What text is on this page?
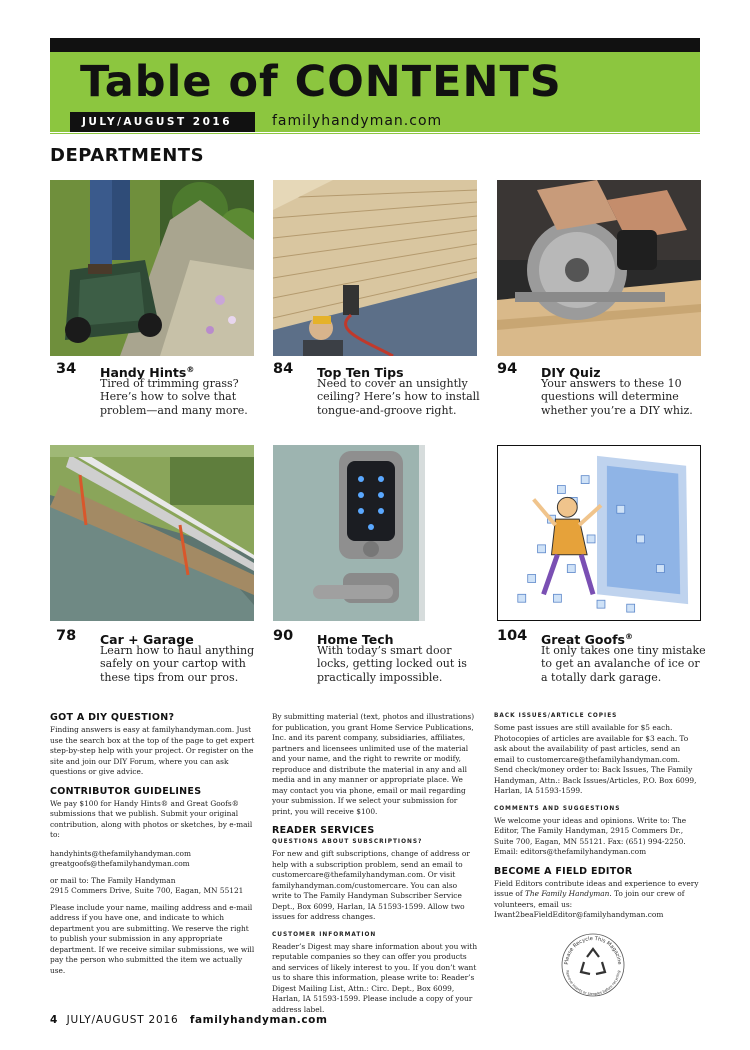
Table of CONTENTS
JULY/AUGUST 2016	familyhandyman.com
DEPARTMENTS
34	Handy Hints®
Tired of trimming grass? Here’s how to solve that problem—and many more.
84	Top Ten Tips
Need to cover an unsightly ceiling? Here’s how to install tongue-and-groove right.
94	DIY Quiz
Your answers to these 10 questions will determine whether you’re a DIY whiz.
78	Car + Garage
Learn how to haul anything safely on your cartop with these tips from our pros.
90	Home Tech
With today’s smart door locks, getting locked out is practically impossible.
104	Great Goofs®
It only takes one tiny mistake to get an avalanche of ice or a totally dark garage.
GOT A DIY QUESTION?

Finding answers is easy at familyhandyman.com. Just use the search box at the top of the page to get expert step-by-step help with your project. Or register on the site and join our DIY Forum, where you can ask questions or give advice.

CONTRIBUTOR GUIDELINES

We pay $100 for Handy Hints® and Great Goofs® submissions that we publish. Submit your original contribution, along with photos or sketches, by e-mail to:

handyhints@thefamilyhandyman.com
greatgoofs@thefamilyhandyman.com
or mail to: The Family Handyman
2915 Commers Drive, Suite 700, Eagan, MN 55121

Please include your name, mailing address and e-mail address if you have one, and indicate to which department you are submitting. We reserve the right to publish your submission in any appropriate department. If we receive similar submissions, we will pay the person who submitted the item we actually use.

By submitting material (text, photos and illustrations) for publication, you grant Home Service Publications, Inc. and its parent company, subsidiaries, affiliates, partners and licensees unlimited use of the material and your name, and the right to rewrite or modify, reproduce and distribute the material in any and all media and in any manner or appropriate place. We may contact you via phone, email or mail regarding your submission. If we select your submission for print, you will receive $100.

READER SERVICES
QUESTIONS ABOUT SUBSCRIPTIONS?

For new and gift subscriptions, change of address or help with a subscription problem, send an email to customercare@thefamilyhandyman.com. Or visit familyhandyman.com/customercare. You can also write to The Family Handyman Subscriber Service Dept., Box 6099, Harlan, IA 51593-1599. Allow two issues for address changes.

CUSTOMER INFORMATION

Reader’s Digest may share information about you with reputable companies so they can offer you products and services of likely interest to you. If you don’t want us to share this information, please write to: Reader’s Digest Mailing List, Attn.: Circ. Dept., Box 6099, Harlan, IA 51593-1599. Please include a copy of your address label.

BACK ISSUES/ARTICLE COPIES

Some past issues are still available for $5 each. Photocopies of articles are available for $3 each. To ask about the availability of past articles, send an email to customercare@thefamilyhandyman.com. Send check/money order to: Back Issues, The Family Handyman, Attn.: Back Issues/Articles, P.O. Box 6099, Harlan, IA 51593-1599.

COMMENTS AND SUGGESTIONS

We welcome your ideas and opinions. Write to: The Editor, The Family Handyman, 2915 Commers Dr., Suite 700, Eagan, MN 55121. Fax: (651) 994-2250. Email: editors@thefamilyhandyman.com

BECOME A FIELD EDITOR

Field Editors contribute ideas and experience to every issue of The Family Handyman. To join our crew of volunteers, email us: Iwant2beaFieldEditor@familyhandyman.com

Please Recycle This Magazine
Remove inserts or samples before recycling
4 JULY/AUGUST 2016 familyhandyman.com
